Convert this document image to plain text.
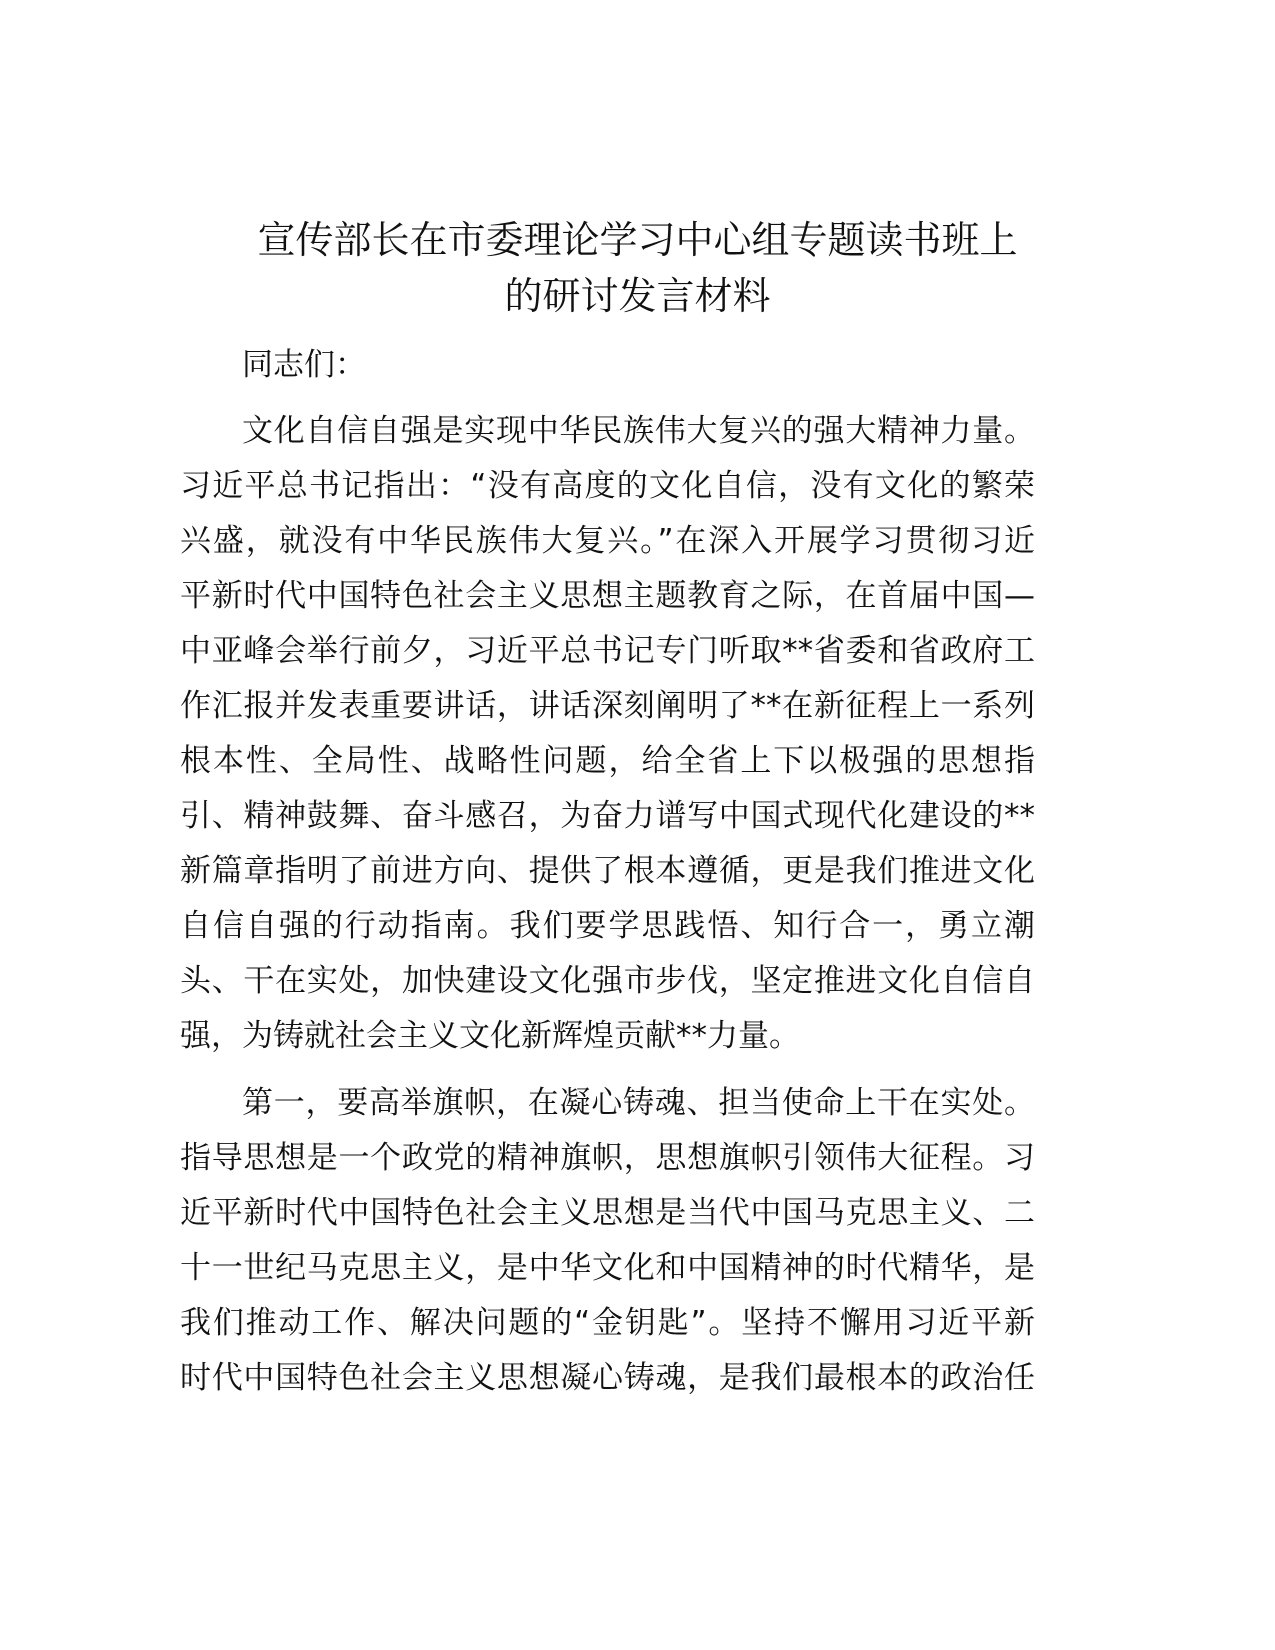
宣传部长在市委理论学习中心组专题读书班上
的研讨发言材料
同志们：
文化自信自强是实现中华民族伟大复兴的强大精神力量。
习近平总书记指出：“没有高度的文化自信，没有文化的繁荣
兴盛，就没有中华民族伟大复兴。”在深入开展学习贯彻习近
平新时代中国特色社会主义思想主题教育之际，在首届中国—
中亚峰会举行前夕，习近平总书记专门听取**省委和省政府工
作汇报并发表重要讲话，讲话深刻阐明了**在新征程上一系列
根本性、全局性、战略性问题，给全省上下以极强的思想指
引、精神鼓舞、奋斗感召，为奋力谱写中国式现代化建设的**
新篇章指明了前进方向、提供了根本遵循，更是我们推进文化
自信自强的行动指南。我们要学思践悟、知行合一，勇立潮
头、干在实处，加快建设文化强市步伐，坚定推进文化自信自
强，为铸就社会主义文化新辉煌贡献**力量。
第一，要高举旗帜，在凝心铸魂、担当使命上干在实处。
指导思想是一个政党的精神旗帜，思想旗帜引领伟大征程。习
近平新时代中国特色社会主义思想是当代中国马克思主义、二
十一世纪马克思主义，是中华文化和中国精神的时代精华，是
我们推动工作、解决问题的“金钥匙”。坚持不懈用习近平新
时代中国特色社会主义思想凝心铸魂，是我们最根本的政治任
